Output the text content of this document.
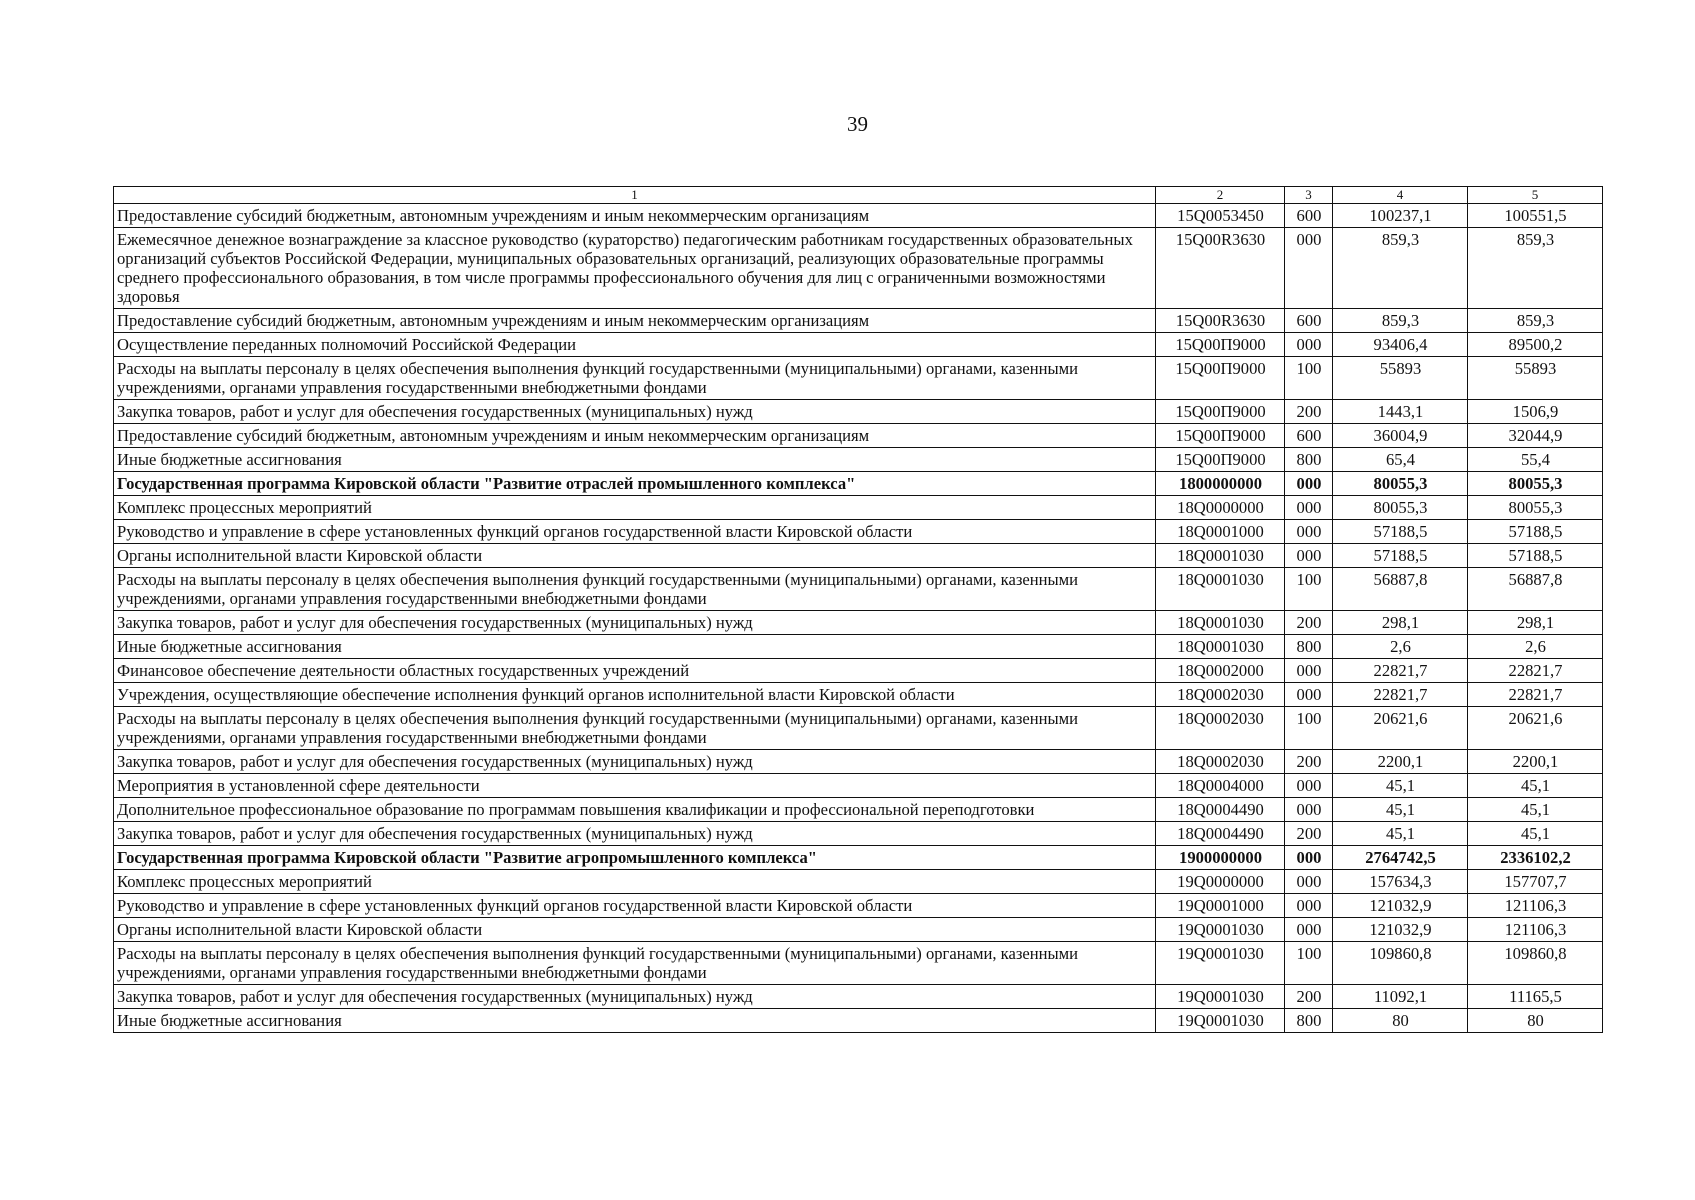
39
1	2	3	4	5
Предоставление субсидий бюджетным, автономным учреждениям и иным некоммерческим организациям	15Q0053450	600	100237,1	100551,5
Ежемесячное денежное вознаграждение за классное руководство (кураторство) педагогическим работникам государственных образовательных организаций субъектов Российской Федерации, муниципальных образовательных организаций, реализующих образовательные программы среднего профессионального образования, в том числе программы профессионального обучения для лиц с ограниченными возможностями здоровья	15Q00R3630	000	859,3	859,3
Предоставление субсидий бюджетным, автономным учреждениям и иным некоммерческим организациям	15Q00R3630	600	859,3	859,3
Осуществление переданных полномочий Российской Федерации	15Q00П9000	000	93406,4	89500,2
Расходы на выплаты персоналу в целях обеспечения выполнения функций государственными (муниципальными) органами, казенными учреждениями, органами управления государственными внебюджетными фондами	15Q00П9000	100	55893	55893
Закупка товаров, работ и услуг для обеспечения государственных (муниципальных) нужд	15Q00П9000	200	1443,1	1506,9
Предоставление субсидий бюджетным, автономным учреждениям и иным некоммерческим организациям	15Q00П9000	600	36004,9	32044,9
Иные бюджетные ассигнования	15Q00П9000	800	65,4	55,4
Государственная программа Кировской области "Развитие отраслей промышленного комплекса"	1800000000	000	80055,3	80055,3
Комплекс процессных мероприятий	18Q0000000	000	80055,3	80055,3
Руководство и управление в сфере установленных функций органов государственной власти Кировской области	18Q0001000	000	57188,5	57188,5
Органы исполнительной власти Кировской области	18Q0001030	000	57188,5	57188,5
Расходы на выплаты персоналу в целях обеспечения выполнения функций государственными (муниципальными) органами, казенными учреждениями, органами управления государственными внебюджетными фондами	18Q0001030	100	56887,8	56887,8
Закупка товаров, работ и услуг для обеспечения государственных (муниципальных) нужд	18Q0001030	200	298,1	298,1
Иные бюджетные ассигнования	18Q0001030	800	2,6	2,6
Финансовое обеспечение деятельности областных государственных учреждений	18Q0002000	000	22821,7	22821,7
Учреждения, осуществляющие обеспечение исполнения функций органов исполнительной власти Кировской области	18Q0002030	000	22821,7	22821,7
Расходы на выплаты персоналу в целях обеспечения выполнения функций государственными (муниципальными) органами, казенными учреждениями, органами управления государственными внебюджетными фондами	18Q0002030	100	20621,6	20621,6
Закупка товаров, работ и услуг для обеспечения государственных (муниципальных) нужд	18Q0002030	200	2200,1	2200,1
Мероприятия в установленной сфере деятельности	18Q0004000	000	45,1	45,1
Дополнительное профессиональное образование по программам повышения квалификации и профессиональной переподготовки	18Q0004490	000	45,1	45,1
Закупка товаров, работ и услуг для обеспечения государственных (муниципальных) нужд	18Q0004490	200	45,1	45,1
Государственная программа Кировской области "Развитие агропромышленного комплекса"	1900000000	000	2764742,5	2336102,2
Комплекс процессных мероприятий	19Q0000000	000	157634,3	157707,7
Руководство и управление в сфере установленных функций органов государственной власти Кировской области	19Q0001000	000	121032,9	121106,3
Органы исполнительной власти Кировской области	19Q0001030	000	121032,9	121106,3
Расходы на выплаты персоналу в целях обеспечения выполнения функций государственными (муниципальными) органами, казенными учреждениями, органами управления государственными внебюджетными фондами	19Q0001030	100	109860,8	109860,8
Закупка товаров, работ и услуг для обеспечения государственных (муниципальных) нужд	19Q0001030	200	11092,1	11165,5
Иные бюджетные ассигнования	19Q0001030	800	80	80
